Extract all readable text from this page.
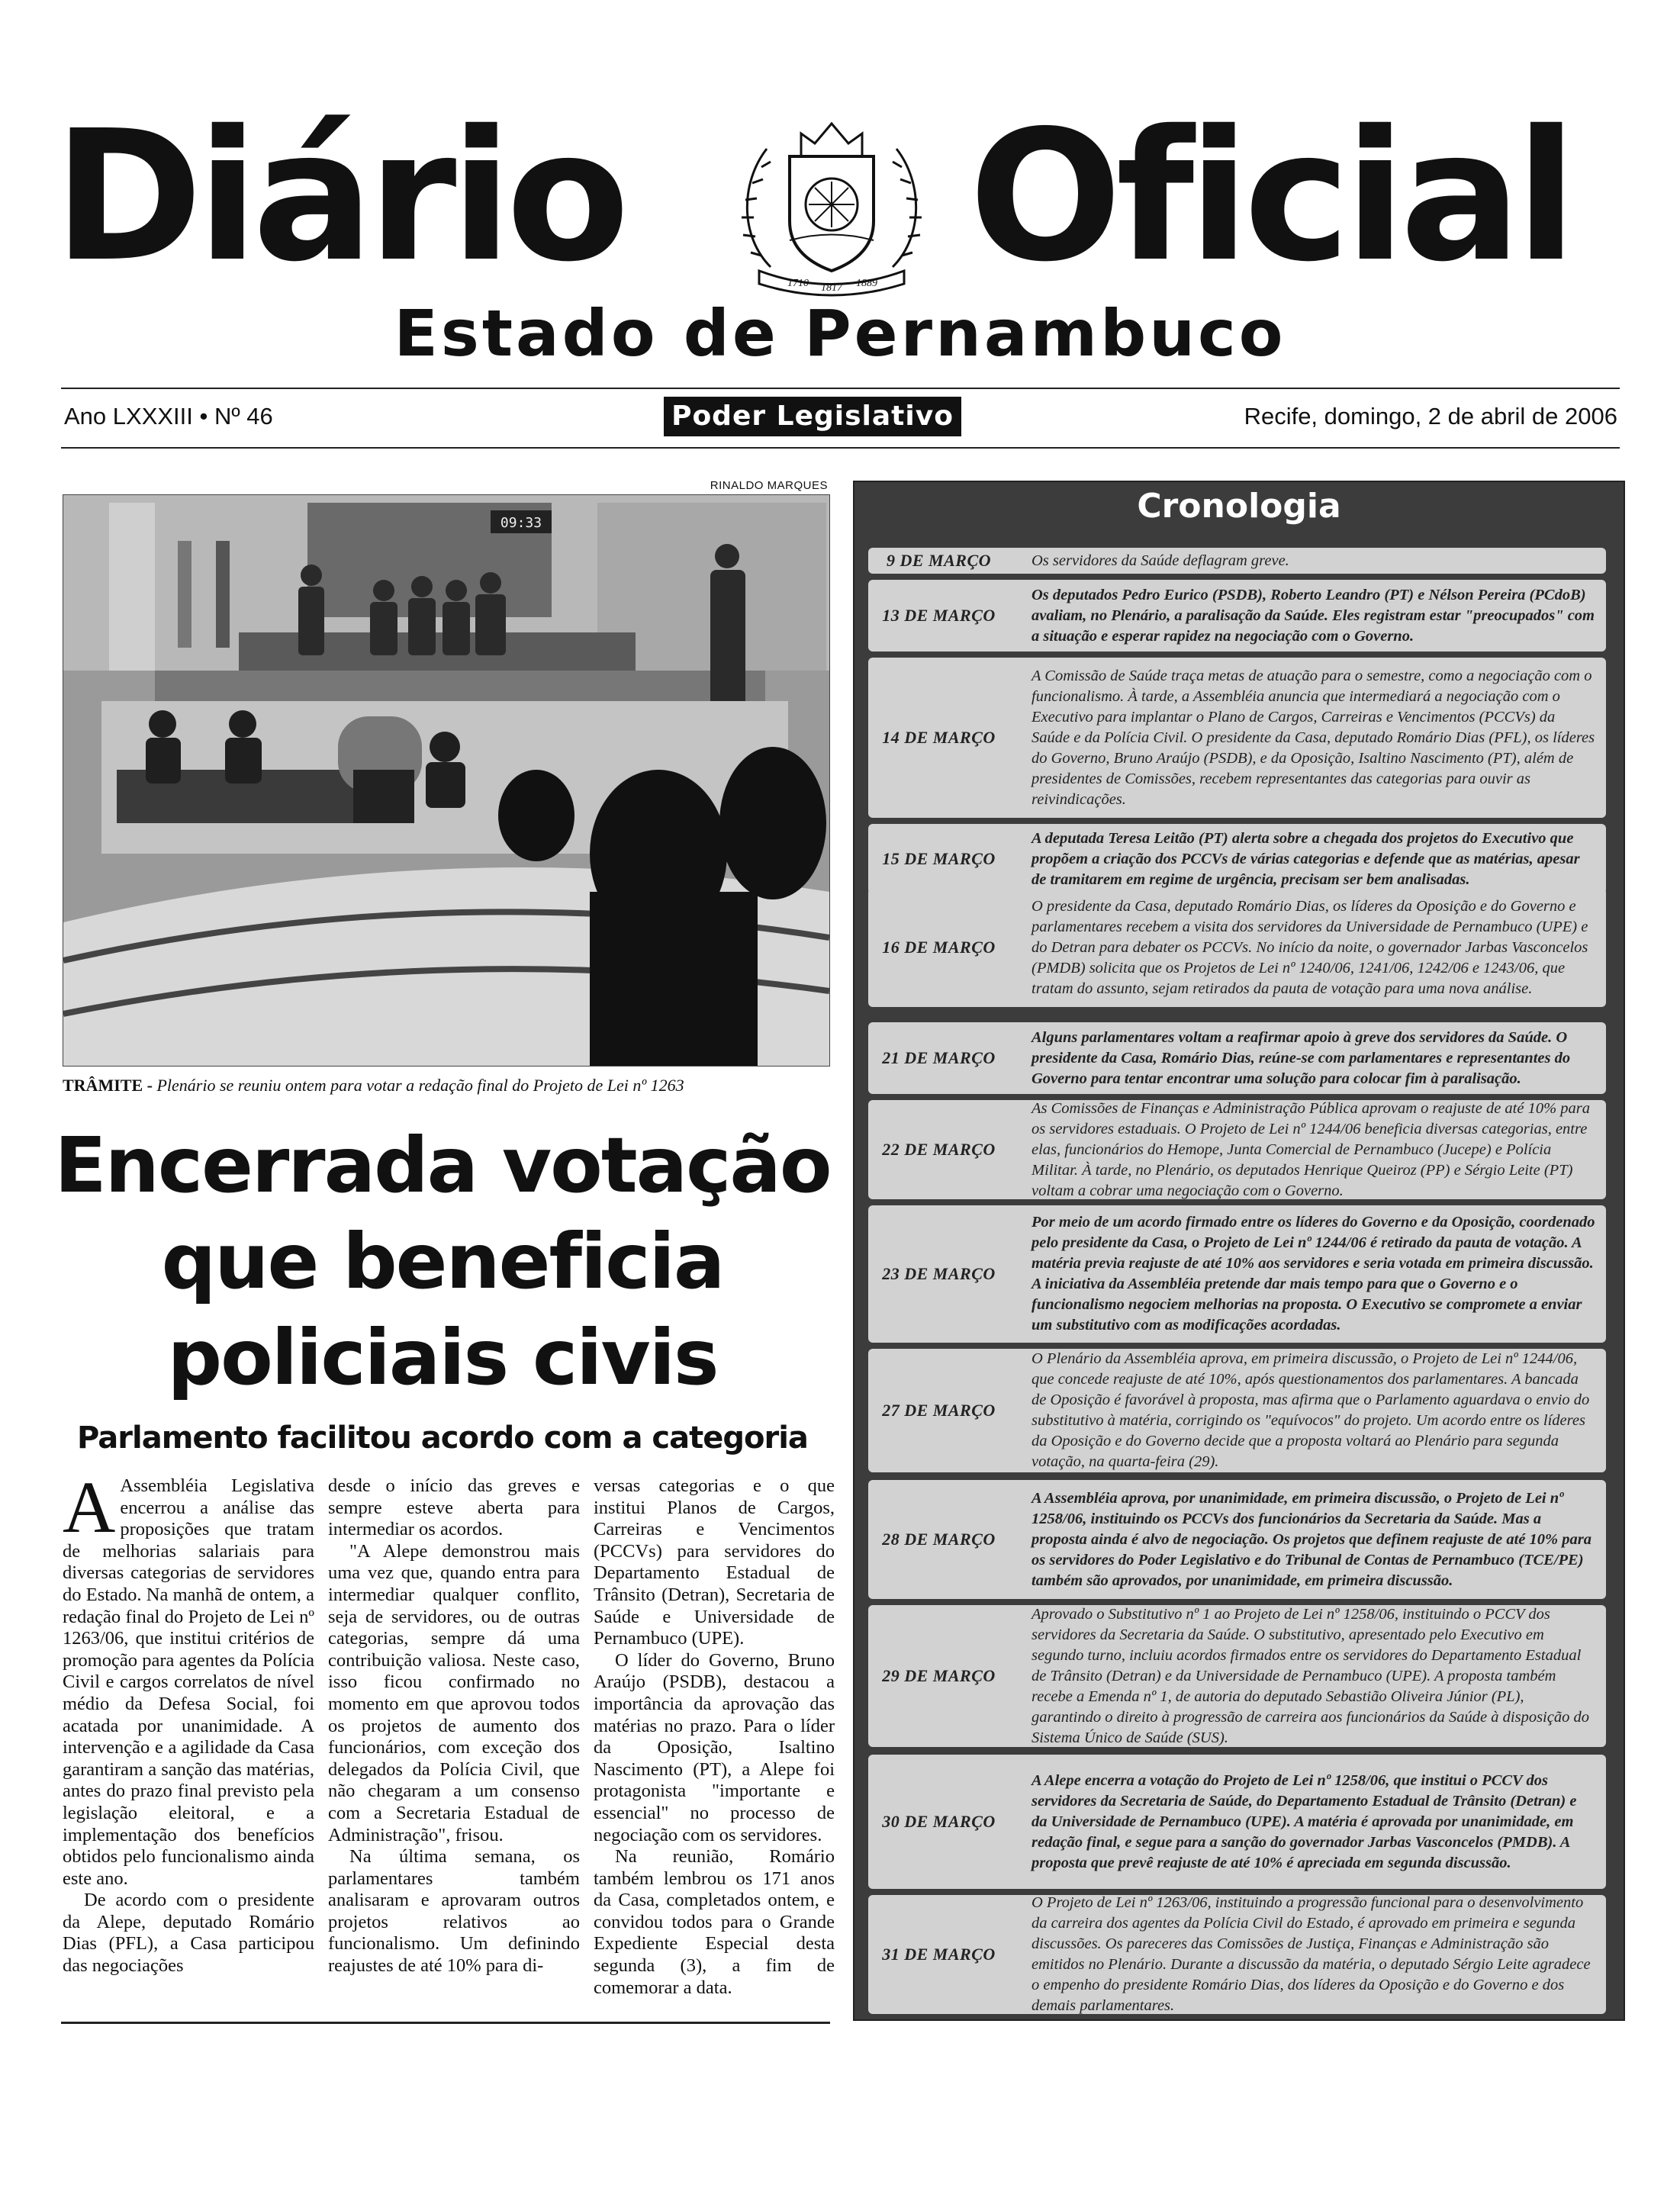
Diário Oficial
1710 1817 1889
Estado de Pernambuco
Ano LXXXIII • Nº 46	Poder Legislativo	Recife, domingo, 2 de abril de 2006
RINALDO MARQUES
09:33
TRÂMITE - Plenário se reuniu ontem para votar a redação final do Projeto de Lei nº 1263
Encerrada votação
que beneficia
policiais civis
Parlamento facilitou acordo com a categoria

A Assembléia Legislativa encerrou a análise das proposições que tratam de melhorias salariais para diversas categorias de servidores do Estado. Na manhã de ontem, a redação final do Projeto de Lei nº 1263/06, que institui critérios de promoção para agentes da Polícia Civil e cargos correlatos de nível médio da Defesa Social, foi acatada por unanimidade. A intervenção e a agilidade da Casa garantiram a sanção das matérias, antes do prazo final previsto pela legislação eleitoral, e a implementação dos benefícios obtidos pelo funcionalismo ainda este ano.

De acordo com o presidente da Alepe, deputado Romário Dias (PFL), a Casa participou das negociações

desde o início das greves e sempre esteve aberta para intermediar os acordos.

"A Alepe demonstrou mais uma vez que, quando entra para intermediar qualquer conflito, seja de servidores, ou de outras categorias, sempre dá uma contribuição valiosa. Neste caso, isso ficou confirmado no momento em que aprovou todos os projetos de aumento dos funcionários, com exceção dos delegados da Polícia Civil, que não chegaram a um consenso com a Secretaria Estadual de Administração", frisou.

Na última semana, os parlamentares também analisaram e aprovaram outros projetos relativos ao funcionalismo. Um definindo reajustes de até 10% para di-

versas categorias e o que institui Planos de Cargos, Carreiras e Vencimentos (PCCVs) para servidores do Departamento Estadual de Trânsito (Detran), Secretaria de Saúde e Universidade de Pernambuco (UPE).

O líder do Governo, Bruno Araújo (PSDB), destacou a importância da aprovação das matérias no prazo. Para o líder da Oposição, Isaltino Nascimento (PT), a Alepe foi protagonista "importante e essencial" no processo de negociação com os servidores.

Na reunião, Romário também lembrou os 171 anos da Casa, completados ontem, e convidou todos para o Grande Expediente Especial desta segunda (3), a fim de comemorar a data.

Cronologia
9 DE MARÇO	Os servidores da Saúde deflagram greve.
13 DE MARÇO
Os deputados Pedro Eurico (PSDB), Roberto Leandro (PT) e Nélson Pereira (PCdoB) avaliam, no Plenário, a paralisação da Saúde. Eles registram estar "preocupados" com a situação e esperar rapidez na negociação com o Governo.
14 DE MARÇO
A Comissão de Saúde traça metas de atuação para o semestre, como a negociação com o funcionalismo. À tarde, a Assembléia anuncia que intermediará a negociação com o Executivo para implantar o Plano de Cargos, Carreiras e Vencimentos (PCCVs) da Saúde e da Polícia Civil. O presidente da Casa, deputado Romário Dias (PFL), os líderes do Governo, Bruno Araújo (PSDB), e da Oposição, Isaltino Nascimento (PT), além de presidentes de Comissões, recebem representantes das categorias para ouvir as reivindicações.
15 DE MARÇO
A deputada Teresa Leitão (PT) alerta sobre a chegada dos projetos do Executivo que propõem a criação dos PCCVs de várias categorias e defende que as matérias, apesar de tramitarem em regime de urgência, precisam ser bem analisadas.
16 DE MARÇO
O presidente da Casa, deputado Romário Dias, os líderes da Oposição e do Governo e parlamentares recebem a visita dos servidores da Universidade de Pernambuco (UPE) e do Detran para debater os PCCVs. No início da noite, o governador Jarbas Vasconcelos (PMDB) solicita que os Projetos de Lei nº 1240/06, 1241/06, 1242/06 e 1243/06, que tratam do assunto, sejam retirados da pauta de votação para uma nova análise.
21 DE MARÇO
Alguns parlamentares voltam a reafirmar apoio à greve dos servidores da Saúde. O presidente da Casa, Romário Dias, reúne-se com parlamentares e representantes do Governo para tentar encontrar uma solução para colocar fim à paralisação.
22 DE MARÇO
As Comissões de Finanças e Administração Pública aprovam o reajuste de até 10% para os servidores estaduais. O Projeto de Lei nº 1244/06 beneficia diversas categorias, entre elas, funcionários do Hemope, Junta Comercial de Pernambuco (Jucepe) e Polícia Militar. À tarde, no Plenário, os deputados Henrique Queiroz (PP) e Sérgio Leite (PT) voltam a cobrar uma negociação com o Governo.
23 DE MARÇO
Por meio de um acordo firmado entre os líderes do Governo e da Oposição, coordenado pelo presidente da Casa, o Projeto de Lei nº 1244/06 é retirado da pauta de votação. A matéria previa reajuste de até 10% aos servidores e seria votada em primeira discussão. A iniciativa da Assembléia pretende dar mais tempo para que o Governo e o funcionalismo negociem melhorias na proposta. O Executivo se compromete a enviar um substitutivo com as modificações acordadas.
27 DE MARÇO
O Plenário da Assembléia aprova, em primeira discussão, o Projeto de Lei nº 1244/06, que concede reajuste de até 10%, após questionamentos dos parlamentares. A bancada de Oposição é favorável à proposta, mas afirma que o Parlamento aguardava o envio do substitutivo à matéria, corrigindo os "equívocos" do projeto. Um acordo entre os líderes da Oposição e do Governo decide que a proposta voltará ao Plenário para segunda votação, na quarta-feira (29).
28 DE MARÇO
A Assembléia aprova, por unanimidade, em primeira discussão, o Projeto de Lei nº 1258/06, instituindo os PCCVs dos funcionários da Secretaria da Saúde. Mas a proposta ainda é alvo de negociação. Os projetos que definem reajuste de até 10% para os servidores do Poder Legislativo e do Tribunal de Contas de Pernambuco (TCE/PE) também são aprovados, por unanimidade, em primeira discussão.
29 DE MARÇO
Aprovado o Substitutivo nº 1 ao Projeto de Lei nº 1258/06, instituindo o PCCV dos servidores da Secretaria da Saúde. O substitutivo, apresentado pelo Executivo em segundo turno, incluiu acordos firmados entre os servidores do Departamento Estadual de Trânsito (Detran) e da Universidade de Pernambuco (UPE). A proposta também recebe a Emenda nº 1, de autoria do deputado Sebastião Oliveira Júnior (PL), garantindo o direito à progressão de carreira aos funcionários da Saúde à disposição do Sistema Único de Saúde (SUS).
30 DE MARÇO
A Alepe encerra a votação do Projeto de Lei nº 1258/06, que institui o PCCV dos servidores da Secretaria de Saúde, do Departamento Estadual de Trânsito (Detran) e da Universidade de Pernambuco (UPE). A matéria é aprovada por unanimidade, em redação final, e segue para a sanção do governador Jarbas Vasconcelos (PMDB). A proposta que prevê reajuste de até 10% é apreciada em segunda discussão.
31 DE MARÇO
O Projeto de Lei nº 1263/06, instituindo a progressão funcional para o desenvolvimento da carreira dos agentes da Polícia Civil do Estado, é aprovado em primeira e segunda discussões. Os pareceres das Comissões de Justiça, Finanças e Administração são emitidos no Plenário. Durante a discussão da matéria, o deputado Sérgio Leite agradece o empenho do presidente Romário Dias, dos líderes da Oposição e do Governo e dos demais parlamentares.
